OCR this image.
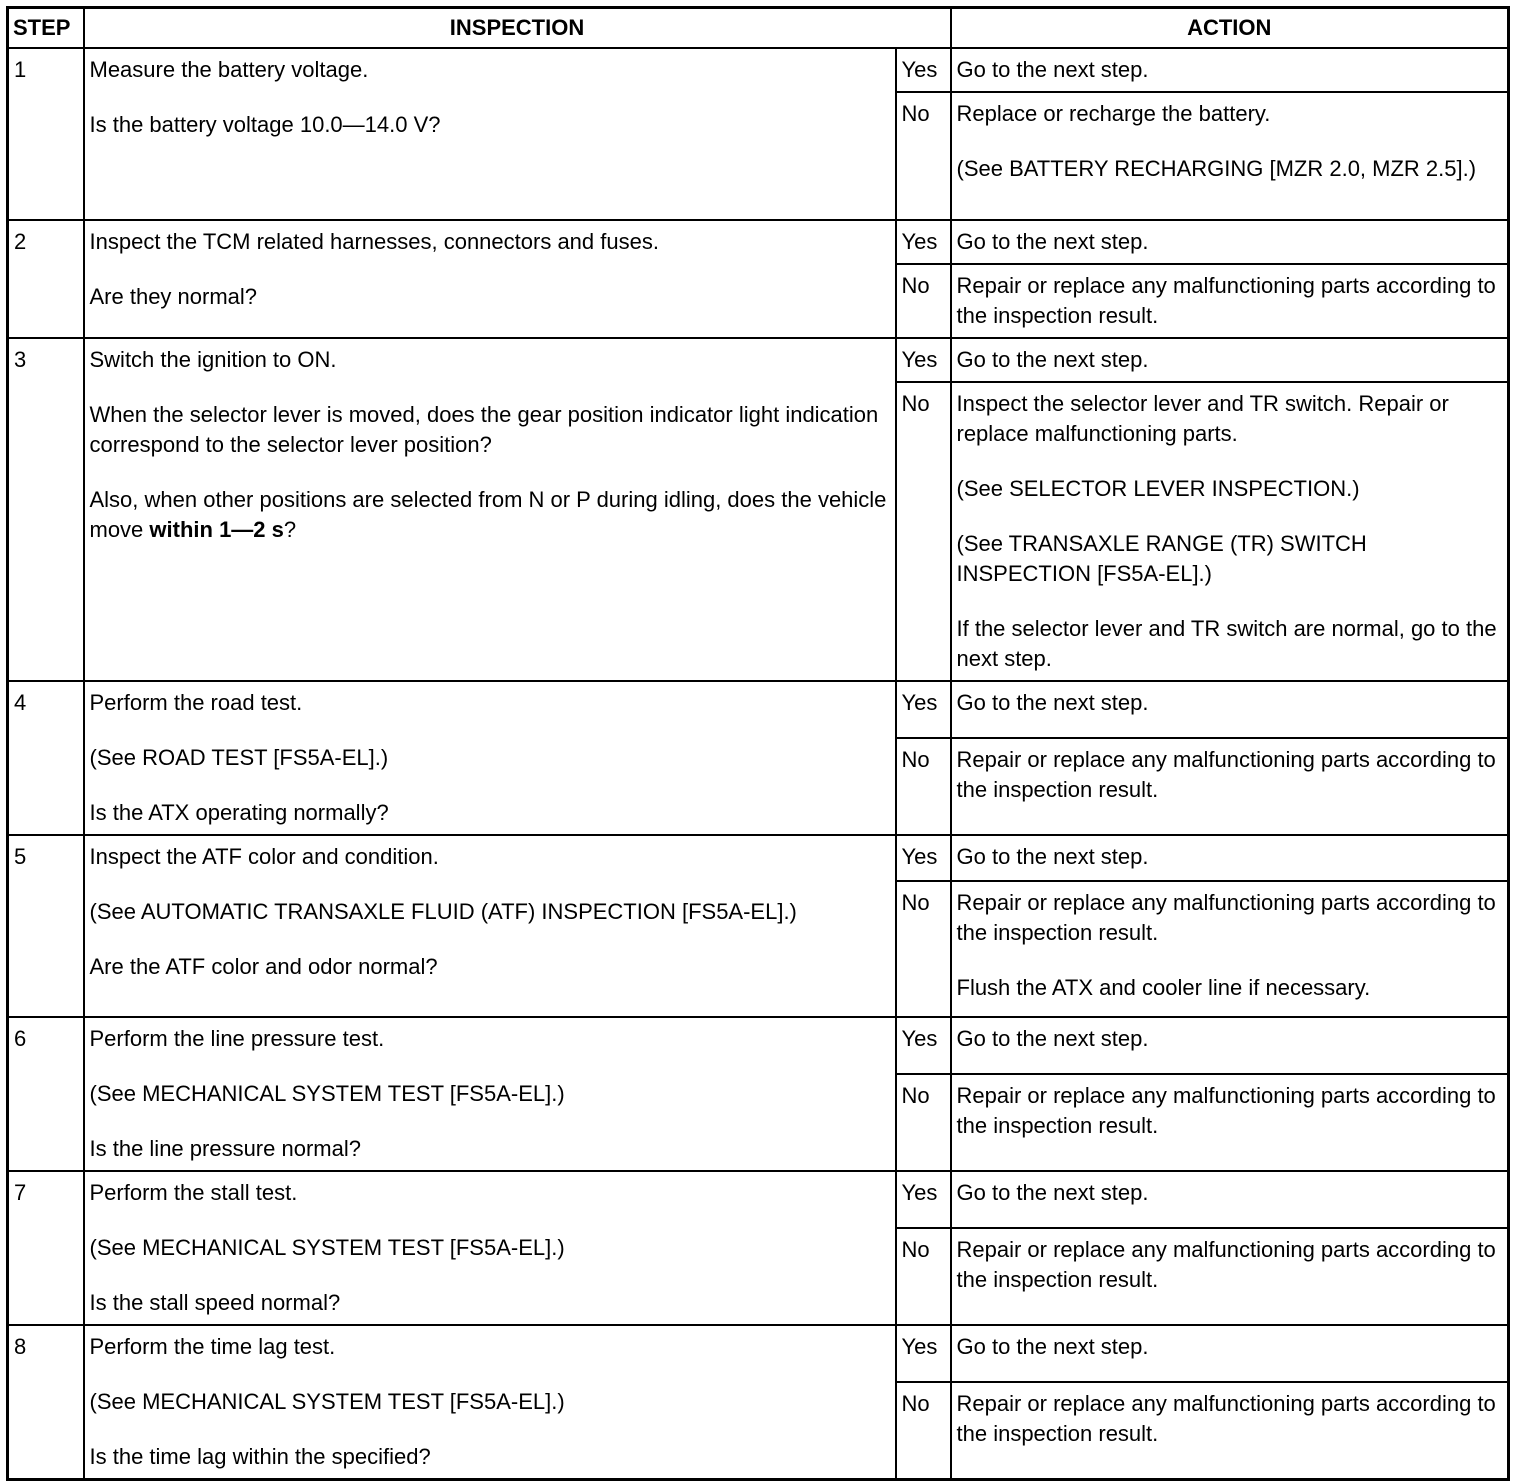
STEP	INSPECTION		ACTION
1	Measure the battery voltage.

Is the battery voltage 10.0—14.0 V?	Yes	Go to the next step.

		No	Replace or recharge the battery.

(See BATTERY RECHARGING [MZR 2.0, MZR 2.5].)

2	Inspect the TCM related harnesses, connectors and fuses.

Are they normal?	Yes	Go to the next step.

		No	Repair or replace any malfunctioning parts according to the inspection result.

3	Switch the ignition to ON.

When the selector lever is moved, does the gear position indicator light indication correspond to the selector lever position?

Also, when other positions are selected from N or P during idling, does the vehicle move within 1—2 s?	Yes	Go to the next step.

		No	Inspect the selector lever and TR switch. Repair or replace malfunctioning parts.

(See SELECTOR LEVER INSPECTION.)

(See TRANSAXLE RANGE (TR) SWITCH INSPECTION [FS5A-EL].)

If the selector lever and TR switch are normal, go to the next step.

4	Perform the road test.

(See ROAD TEST [FS5A-EL].)

Is the ATX operating normally?	Yes	Go to the next step.

		No	Repair or replace any malfunctioning parts according to the inspection result.

5	Inspect the ATF color and condition.

(See AUTOMATIC TRANSAXLE FLUID (ATF) INSPECTION [FS5A-EL].)

Are the ATF color and odor normal?	Yes	Go to the next step.

		No	Repair or replace any malfunctioning parts according to the inspection result.

Flush the ATX and cooler line if necessary.

6	Perform the line pressure test.

(See MECHANICAL SYSTEM TEST [FS5A-EL].)

Is the line pressure normal?	Yes	Go to the next step.

		No	Repair or replace any malfunctioning parts according to the inspection result.

7	Perform the stall test.

(See MECHANICAL SYSTEM TEST [FS5A-EL].)

Is the stall speed normal?	Yes	Go to the next step.

		No	Repair or replace any malfunctioning parts according to the inspection result.

8	Perform the time lag test.

(See MECHANICAL SYSTEM TEST [FS5A-EL].)

Is the time lag within the specified?	Yes	Go to the next step.

		No	Repair or replace any malfunctioning parts according to the inspection result.
